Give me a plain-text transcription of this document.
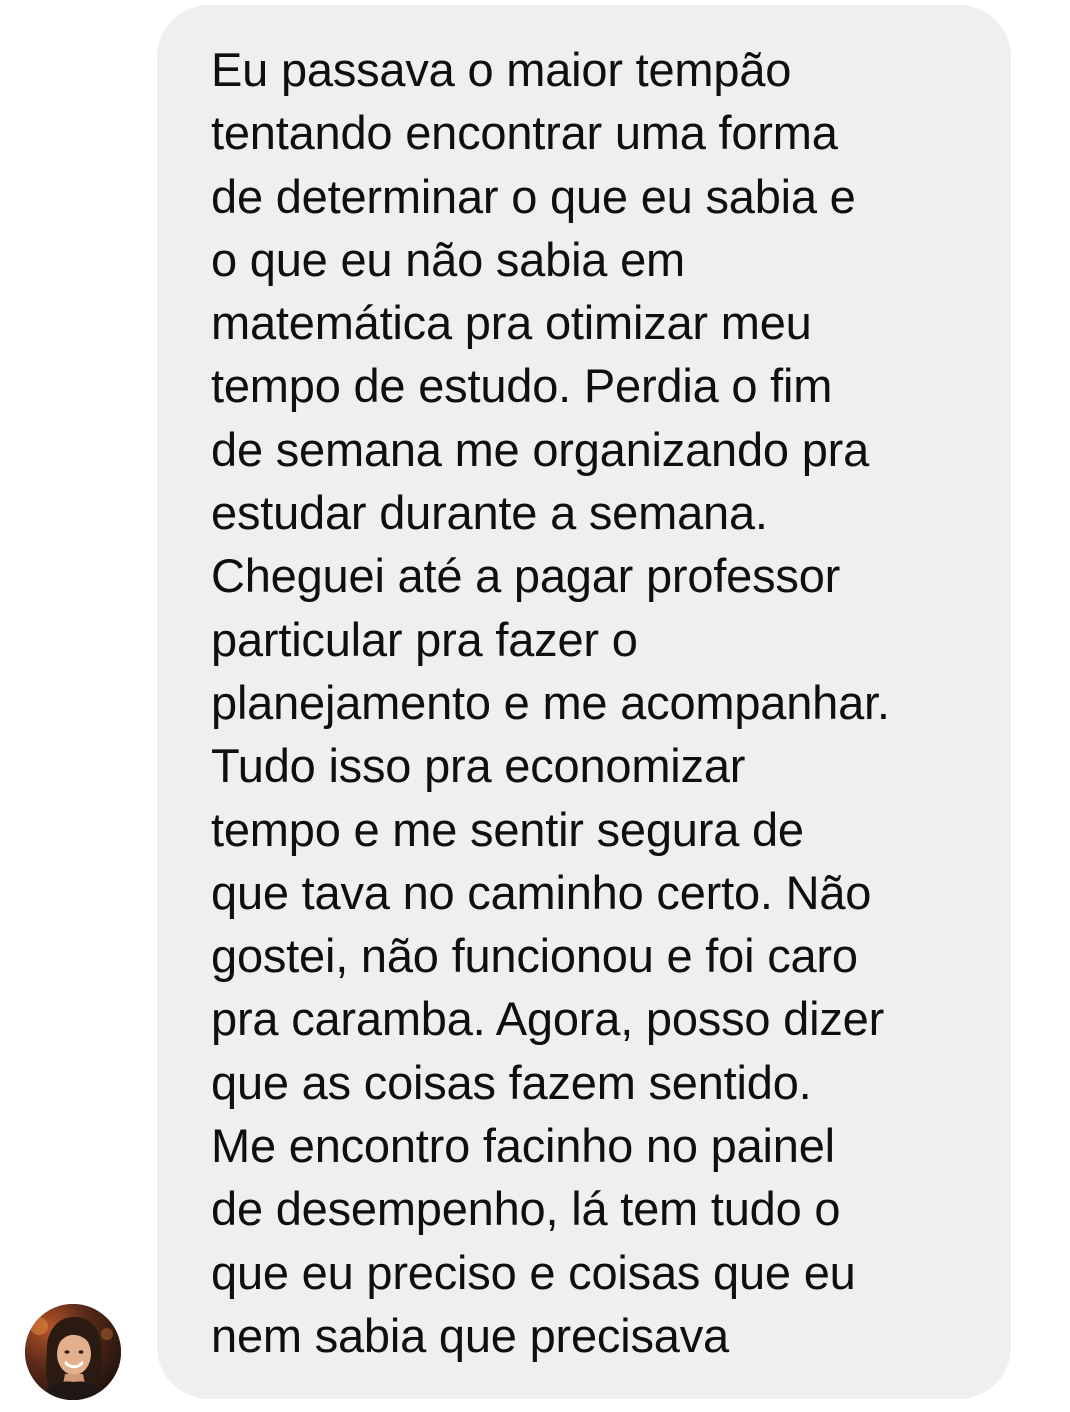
Eu passava o maior tempão
tentando encontrar uma forma
de determinar o que eu sabia e
o que eu não sabia em
matemática pra otimizar meu
tempo de estudo. Perdia o fim
de semana me organizando pra
estudar durante a semana.
Cheguei até a pagar professor
particular pra fazer o
planejamento e me acompanhar.
Tudo isso pra economizar
tempo e me sentir segura de
que tava no caminho certo. Não
gostei, não funcionou e foi caro
pra caramba. Agora, posso dizer
que as coisas fazem sentido.
Me encontro facinho no painel
de desempenho, lá tem tudo o
que eu preciso e coisas que eu
nem sabia que precisava
